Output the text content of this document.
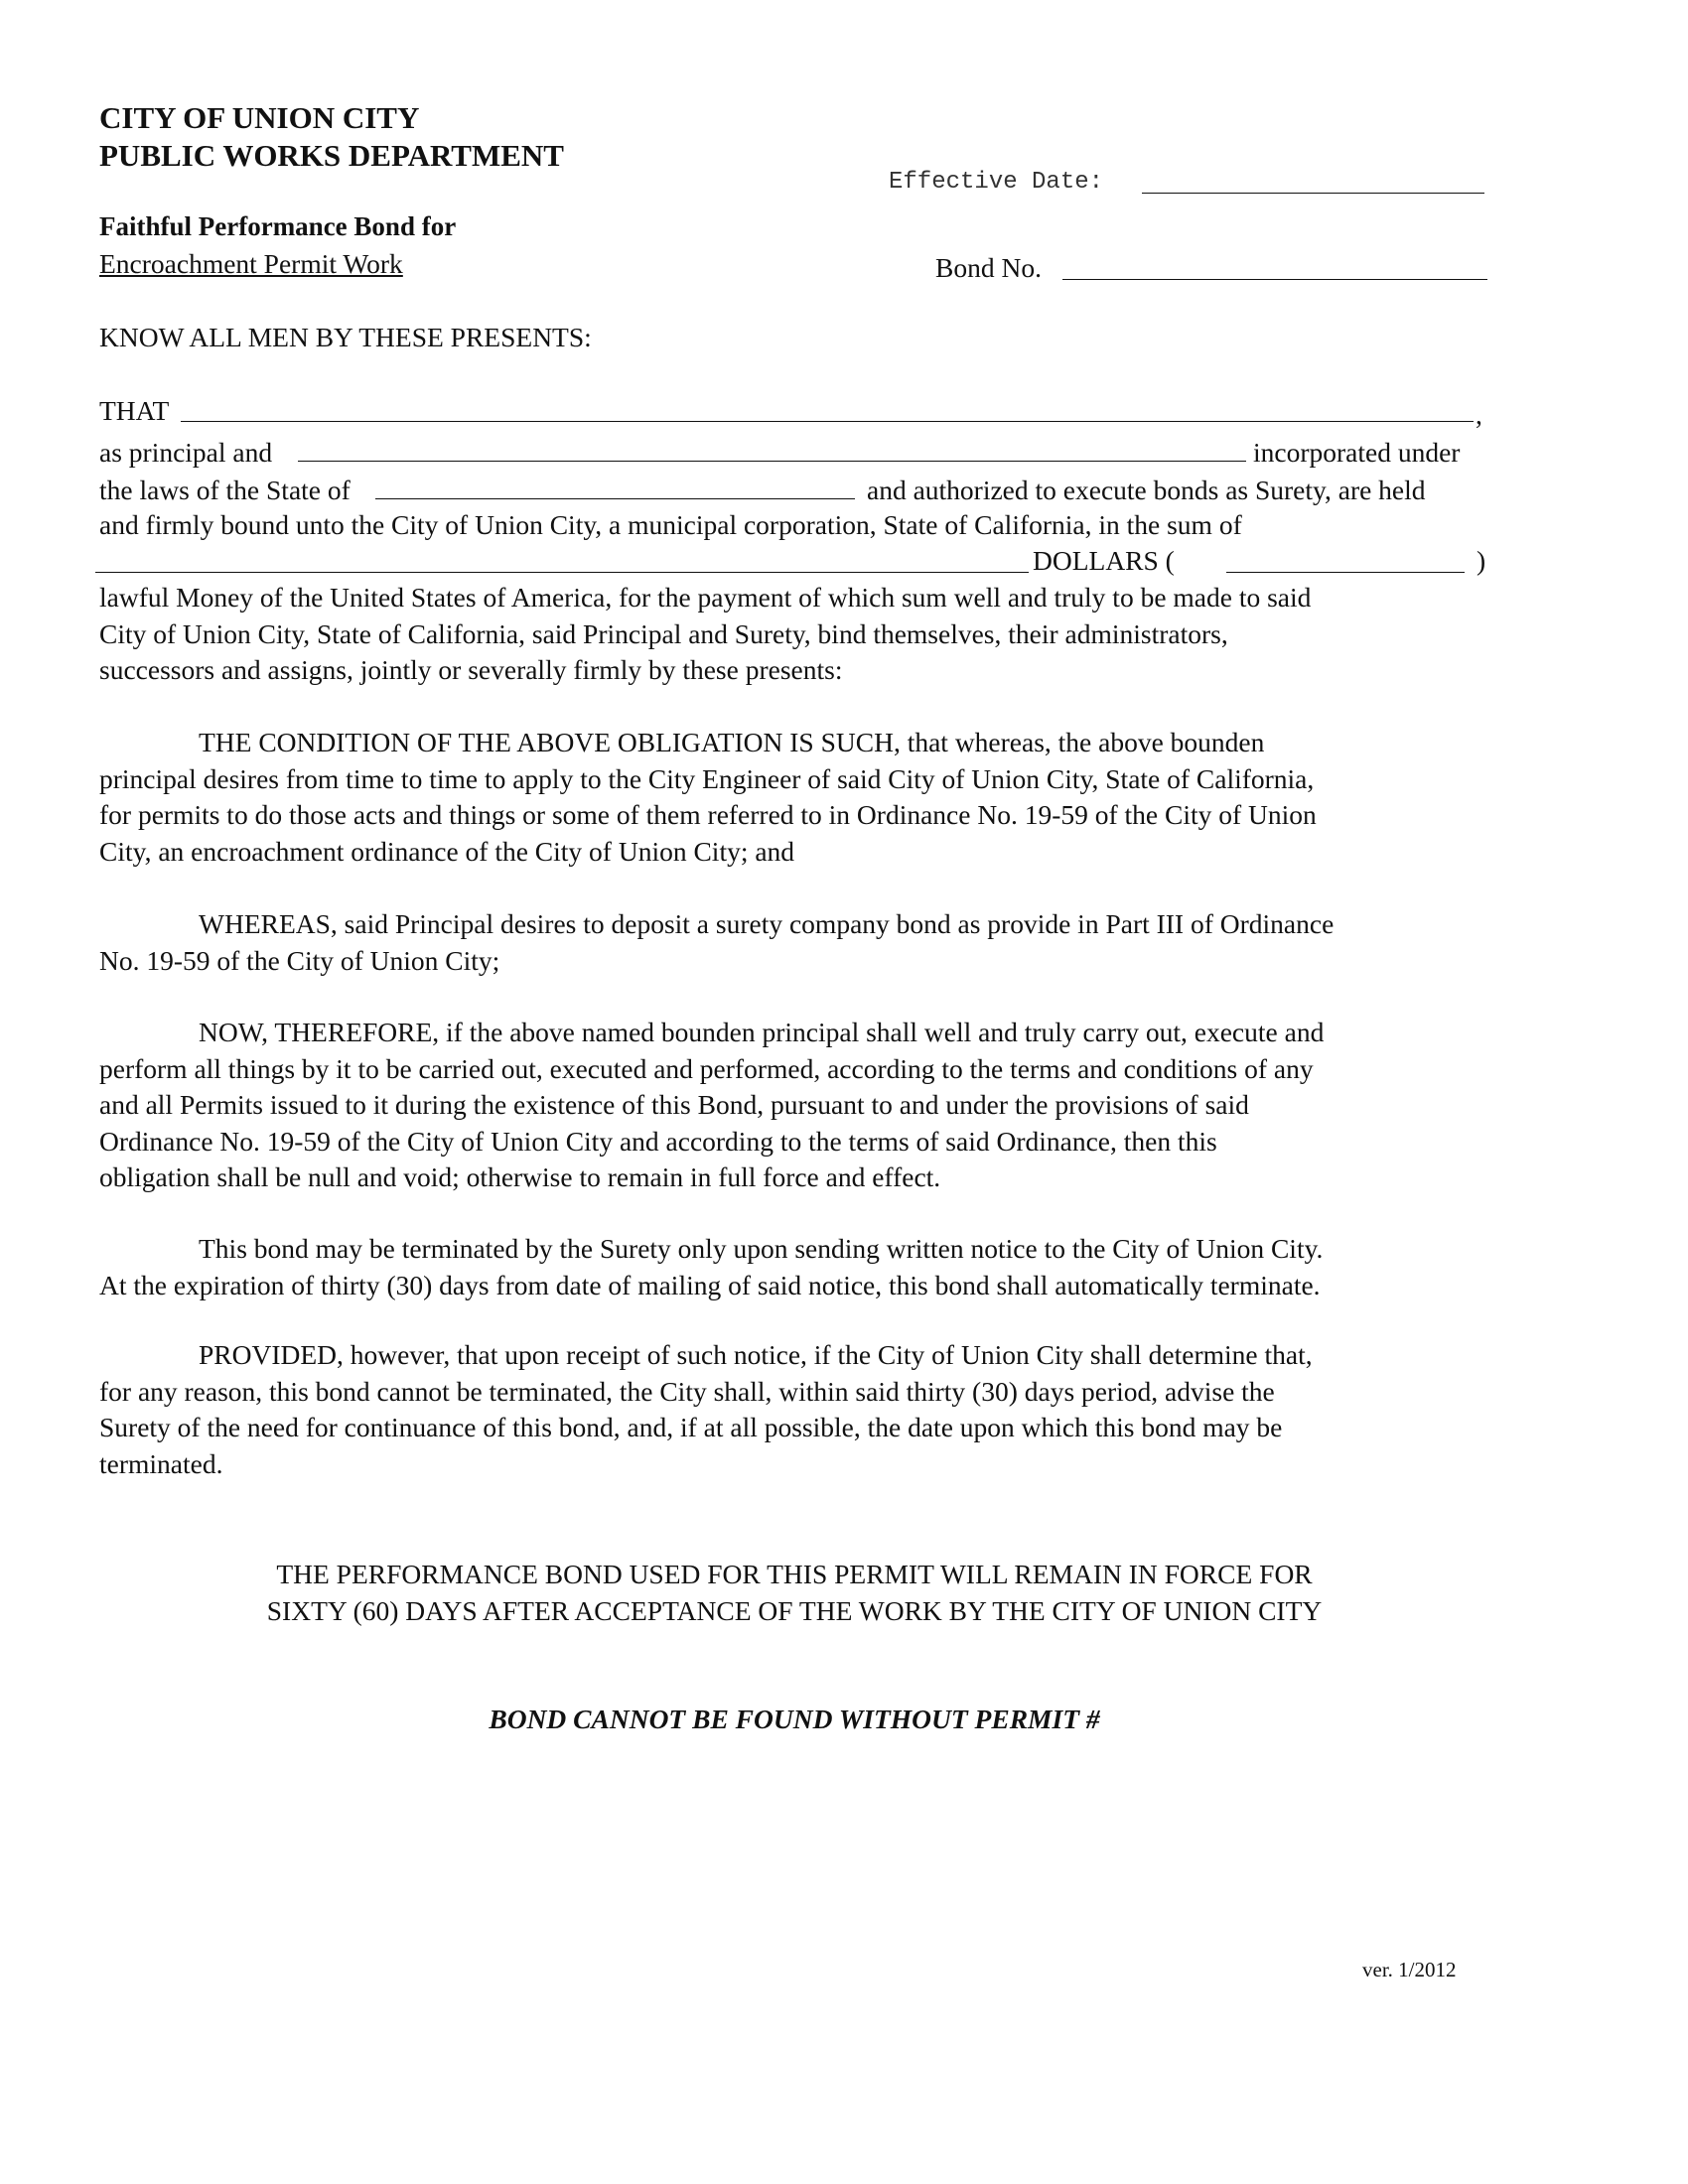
CITY OF UNION CITY
PUBLIC WORKS DEPARTMENT
Effective Date:
Faithful Performance Bond for
Encroachment Permit Work	Bond No.
KNOW ALL MEN BY THESE PRESENTS:
THAT	,
as principal and	incorporated under
the laws of the State of	and authorized to execute bonds as Surety, are held
and firmly bound unto the City of Union City, a municipal corporation, State of California, in the sum of
DOLLARS (	)
lawful Money of the United States of America, for the payment of which sum well and truly to be made to said
City of Union City, State of California, said Principal and Surety, bind themselves, their administrators,
successors and assigns, jointly or severally firmly by these presents:
THE CONDITION OF THE ABOVE OBLIGATION IS SUCH, that whereas, the above bounden
principal desires from time to time to apply to the City Engineer of said City of Union City, State of California,
for permits to do those acts and things or some of them referred to in Ordinance No. 19-59 of the City of Union
City, an encroachment ordinance of the City of Union City; and
WHEREAS, said Principal desires to deposit a surety company bond as provide in Part III of Ordinance
No. 19-59 of the City of Union City;
NOW, THEREFORE, if the above named bounden principal shall well and truly carry out, execute and
perform all things by it to be carried out, executed and performed, according to the terms and conditions of any
and all Permits issued to it during the existence of this Bond, pursuant to and under the provisions of said
Ordinance No. 19-59 of the City of Union City and according to the terms of said Ordinance, then this
obligation shall be null and void; otherwise to remain in full force and effect.
This bond may be terminated by the Surety only upon sending written notice to the City of Union City.
At the expiration of thirty (30) days from date of mailing of said notice, this bond shall automatically terminate.
PROVIDED, however, that upon receipt of such notice, if the City of Union City shall determine that,
for any reason, this bond cannot be terminated, the City shall, within said thirty (30) days period, advise the
Surety of the need for continuance of this bond, and, if at all possible, the date upon which this bond may be
terminated.
THE PERFORMANCE BOND USED FOR THIS PERMIT WILL REMAIN IN FORCE FOR
SIXTY (60) DAYS AFTER ACCEPTANCE OF THE WORK BY THE CITY OF UNION CITY
BOND CANNOT BE FOUND WITHOUT PERMIT #
ver. 1/2012
